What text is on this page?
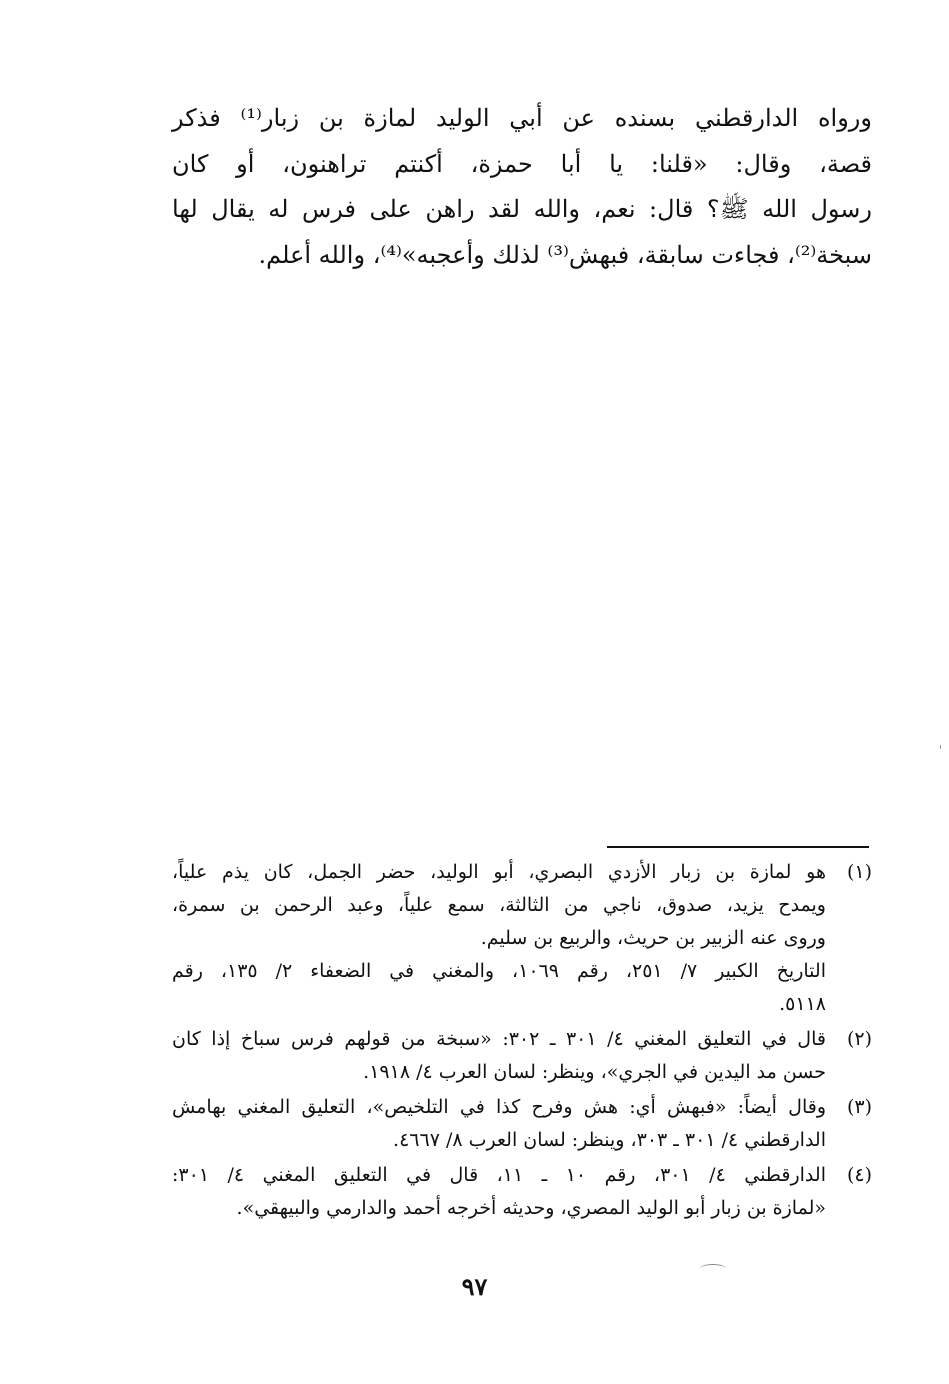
ورواه الدارقطني بسنده عن أبي الوليد لمازة بن زبار⁽¹⁾ فذكر
قصة، وقال: «قلنا: يا أبا حمزة، أكنتم تراهنون، أو كان
رسول الله ﷺ؟ قال: نعم، والله لقد راهن على فرس له يقال لها
سبخة⁽²⁾، فجاءت سابقة، فبهش⁽³⁾ لذلك وأعجبه»⁽⁴⁾، والله أعلم.

(١)
هو لمازة بن زبار الأزدي البصري، أبو الوليد، حضر الجمل، كان يذم علياً،
ويمدح يزيد، صدوق، ناجي من الثالثة، سمع علياً، وعبد الرحمن بن سمرة،
وروى عنه الزبير بن حريث، والربيع بن سليم.
التاريخ الكبير ٧/ ٢٥١، رقم ١٠٦٩، والمغني في الضعفاء ٢/ ١٣٥، رقم
٥١١٨.
(٢)
قال في التعليق المغني ٤/ ٣٠١ ـ ٣٠٢: «سبخة من قولهم فرس سباخ إذا كان
حسن مد اليدين في الجري»، وينظر: لسان العرب ٤/ ١٩١٨.
(٣)
وقال أيضاً: «فبهش أي: هش وفرح كذا في التلخيص»، التعليق المغني بهامش
الدارقطني ٤/ ٣٠١ ـ ٣٠٣، وينظر: لسان العرب ٨/ ٤٦٦٧.
(٤)
الدارقطني ٤/ ٣٠١، رقم ١٠ ـ ١١، قال في التعليق المغني ٤/ ٣٠١:
«لمازة بن زبار أبو الوليد المصري، وحديثه أخرجه أحمد والدارمي والبيهقي».
٩٧
